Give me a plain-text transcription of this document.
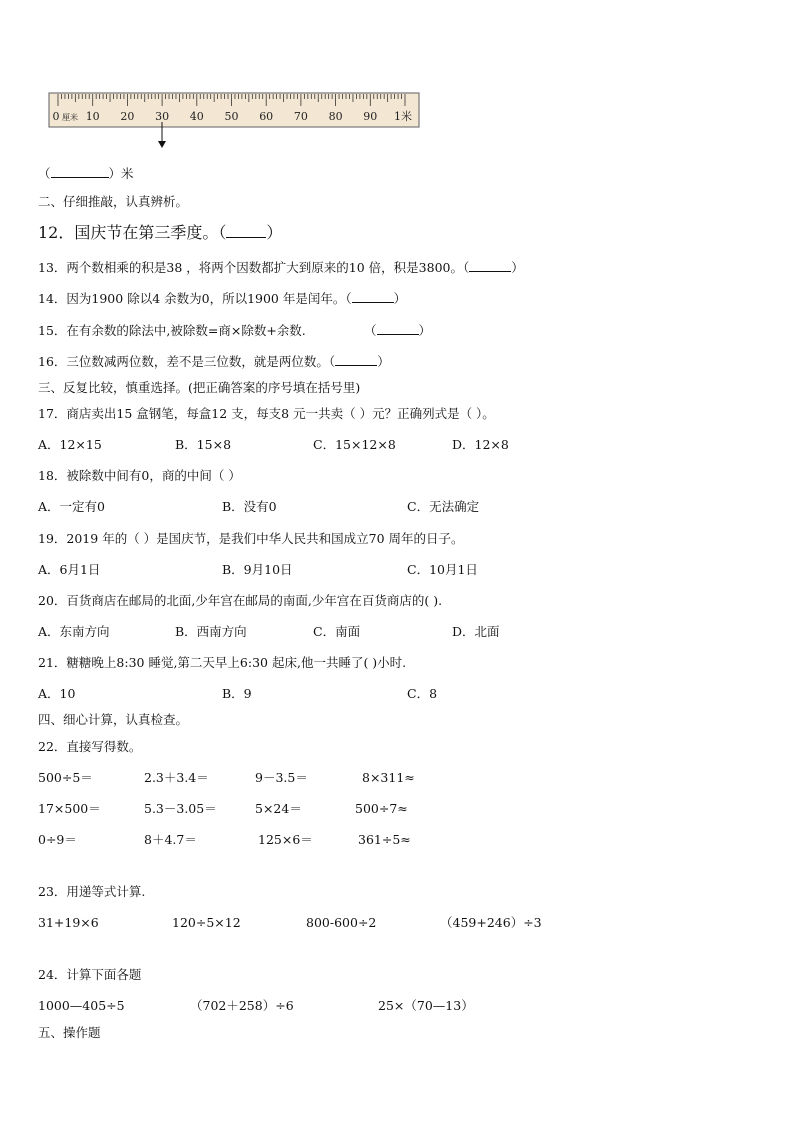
0 厘米 10 20 30 40 50 60 70 80 90 1米
（	）米
二、仔细推敲，认真辨析。
12．国庆节在第三季度。（	）
13．两个数相乘的积是38 ，将两个因数都扩大到原来的10 倍，积是3800。（	）
14．因为1900 除以4 余数为0，所以1900 年是闰年。（	）
15．在有余数的除法中,被除数=商×除数+余数.	（	）
16．三位数减两位数，差不是三位数，就是两位数。（	）
三、反复比较，慎重选择。(把正确答案的序号填在括号里)
17．商店卖出15 盒钢笔，每盒12 支，每支8 元一共卖（ ）元？正确列式是（ ）。
A．12×15	B．15×8	C．15×12×8	D．12×8
18．被除数中间有0，商的中间（ ）
A．一定有0	B．没有0	C．无法确定
19．2019 年的（ ）是国庆节，是我们中华人民共和国成立70 周年的日子。
A．6月1日	B．9月10日	C．10月1日
20．百货商店在邮局的北面,少年宫在邮局的南面,少年宫在百货商店的( ).
A．东南方向	B．西南方向	C．南面	D．北面
21．糖糖晚上8:30 睡觉,第二天早上6:30 起床,他一共睡了( )小时.
A．10	B．9	C．8
四、细心计算，认真检查。
22．直接写得数。
500÷5＝	2.3＋3.4＝	9－3.5＝	8×311≈
17×500＝	5.3－3.05＝	5×24＝	500÷7≈
0÷9＝	8＋4.7＝	125×6＝	361÷5≈
23．用递等式计算.
31+19×6	120÷5×12	800-600÷2	（459+246）÷3
24．计算下面各题
1000—405÷5	（702＋258）÷6	25×（70—13）
五、操作题
